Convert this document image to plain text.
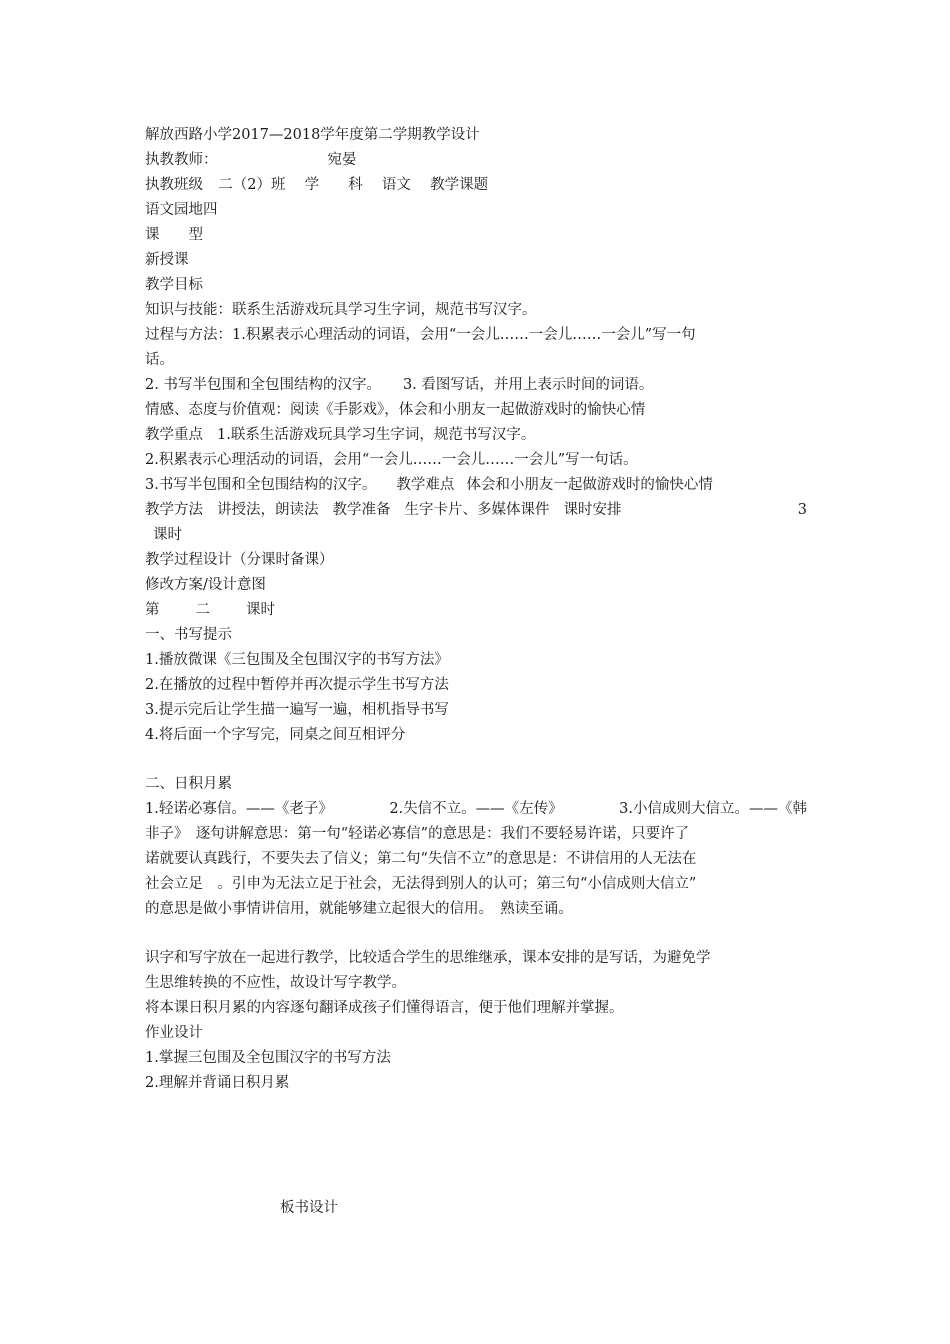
解放西路小学2017—2018学年度第二学期教学设计
执教教师：	宛晏
执教班级 二（2）班 学　　科 语文 教学课题
语文园地四
课　　型
新授课
教学目标
知识与技能：联系生活游戏玩具学习生字词，规范书写汉字。
过程与方法：1.积累表示心理活动的词语，会用“一会儿……一会儿……一会儿”写一句
话。
2. 书写半包围和全包围结构的汉字。 3. 看图写话，并用上表示时间的词语。
情感、态度与价值观：阅读《手影戏》，体会和小朋友一起做游戏时的愉快心情
教学重点 1.联系生活游戏玩具学习生字词，规范书写汉字。
2.积累表示心理活动的词语，会用“一会儿……一会儿……一会儿”写一句话。
3.书写半包围和全包围结构的汉字。 教学难点 体会和小朋友一起做游戏时的愉快心情
教学方法 讲授法，朗读法 教学准备 生字卡片、多媒体课件 课时安排	3
课时
教学过程设计（分课时备课）
修改方案/设计意图
第 二 课时
一、书写提示
1.播放微课《三包围及全包围汉字的书写方法》
2.在播放的过程中暂停并再次提示学生书写方法
3.提示完后让学生描一遍写一遍，相机指导书写
4.将后面一个字写完，同桌之间互相评分
二、日积月累
1.轻诺必寡信。——《老子》	2.失信不立。——《左传》	3.小信成则大信立。——《韩
非子》　逐句讲解意思：第一句“轻诺必寡信”的意思是：我们不要轻易许诺，只要许了
诺就要认真践行，不要失去了信义；第二句“失信不立”的意思是：不讲信用的人无法在
社会立足　。引申为无法立足于社会，无法得到别人的认可；第三句“小信成则大信立”
的意思是做小事情讲信用，就能够建立起很大的信用。　熟读至诵。
识字和写字放在一起进行教学，比较适合学生的思维继承，课本安排的是写话，为避免学
生思维转换的不应性，故设计写字教学。
将本课日积月累的内容逐句翻译成孩子们懂得语言，便于他们理解并掌握。
作业设计
1.掌握三包围及全包围汉字的书写方法
2.理解并背诵日积月累
板书设计
